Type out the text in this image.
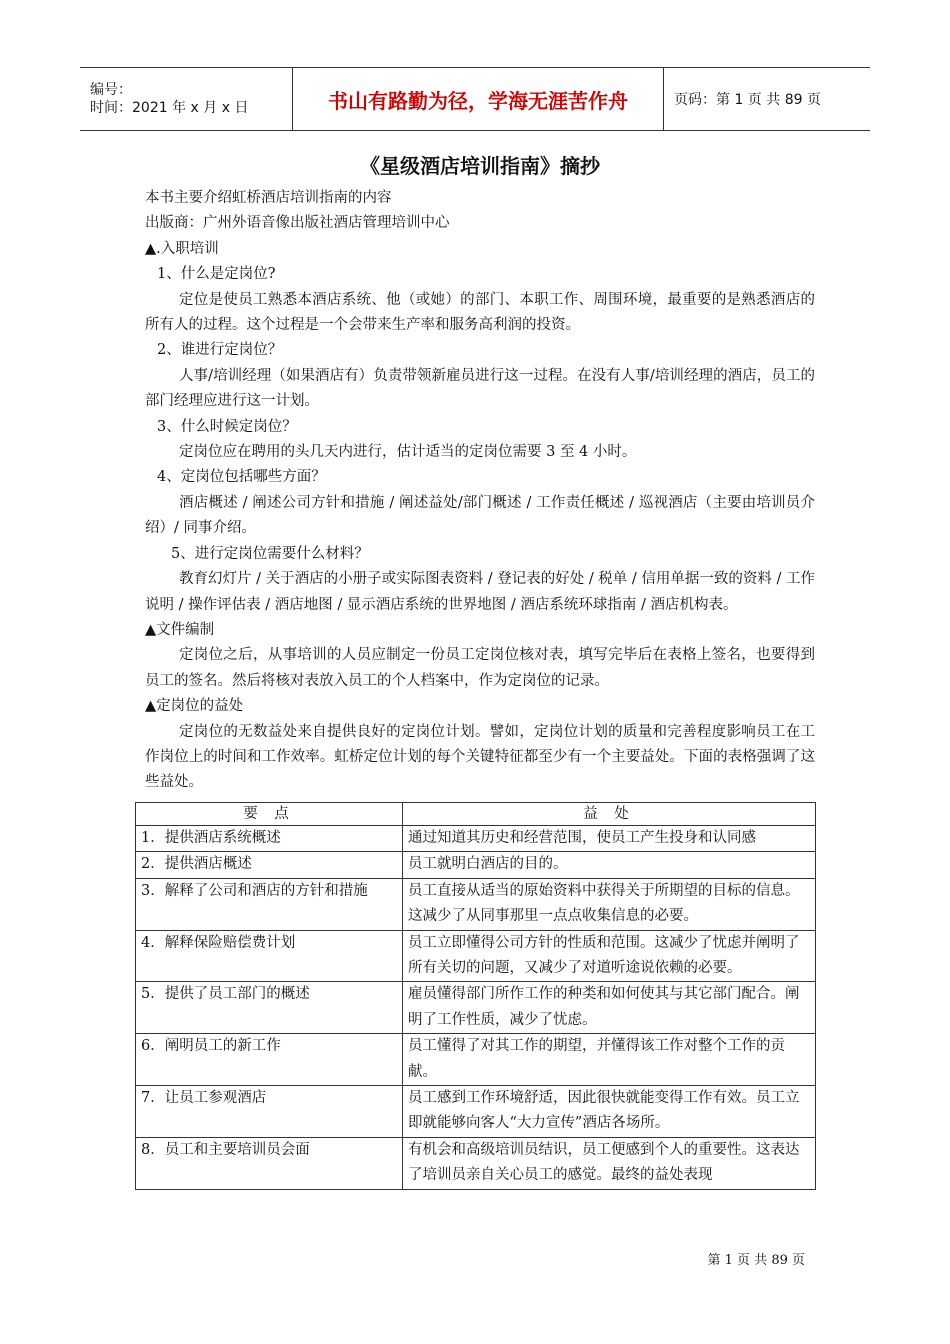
编号：
时间：2021 年 x 月 x 日	书山有路勤为径，学海无涯苦作舟	页码：第 1 页 共 89 页
《星级酒店培训指南》摘抄

本书主要介绍虹桥酒店培训指南的内容

出版商：广州外语音像出版社酒店管理培训中心

▲.入职培训

1、什么是定岗位?

定位是使员工熟悉本酒店系统、他（或她）的部门、本职工作、周围环境，最重要的是熟悉酒店的所有人的过程。这个过程是一个会带来生产率和服务高利润的投资。

2、谁进行定岗位？

人事/培训经理（如果酒店有）负责带领新雇员进行这一过程。在没有人事/培训经理的酒店，员工的部门经理应进行这一计划。

3、什么时候定岗位？

定岗位应在聘用的头几天内进行，估计适当的定岗位需要 3 至 4 小时。

4、定岗位包括哪些方面？

酒店概述 / 阐述公司方针和措施 / 阐述益处/部门概述 / 工作责任概述 / 巡视酒店（主要由培训员介绍）/ 同事介绍。

5、进行定岗位需要什么材料？

教育幻灯片 / 关于酒店的小册子或实际图表资料 / 登记表的好处 / 税单 / 信用单据一致的资料 / 工作说明 / 操作评估表 / 酒店地图 / 显示酒店系统的世界地图 / 酒店系统环球指南 / 酒店机构表。

▲文件编制

定岗位之后，从事培训的人员应制定一份员工定岗位核对表，填写完毕后在表格上签名，也要得到员工的签名。然后将核对表放入员工的个人档案中，作为定岗位的记录。

▲定岗位的益处

定岗位的无数益处来自提供良好的定岗位计划。譬如，定岗位计划的质量和完善程度影响员工在工作岗位上的时间和工作效率。虹桥定位计划的每个关键特征都至少有一个主要益处。下面的表格强调了这些益处。

要 点	益 处
1．提供酒店系统概述	通过知道其历史和经营范围，使员工产生投身和认同感
2．提供酒店概述	员工就明白酒店的目的。
3．解释了公司和酒店的方针和措施	员工直接从适当的原始资料中获得关于所期望的目标的信息。这减少了从同事那里一点点收集信息的必要。
4．解释保险赔偿费计划	员工立即懂得公司方针的性质和范围。这减少了忧虑并阐明了所有关切的问题，又减少了对道听途说依赖的必要。
5．提供了员工部门的概述	雇员懂得部门所作工作的种类和如何使其与其它部门配合。阐明了工作性质，减少了忧虑。
6．阐明员工的新工作	员工懂得了对其工作的期望，并懂得该工作对整个工作的贡献。
7．让员工参观酒店	员工感到工作环境舒适，因此很快就能变得工作有效。员工立即就能够向客人“大力宣传”酒店各场所。
8．员工和主要培训员会面	有机会和高级培训员结识，员工便感到个人的重要性。这表达了培训员亲自关心员工的感觉。最终的益处表现
第 1 页 共 89 页
